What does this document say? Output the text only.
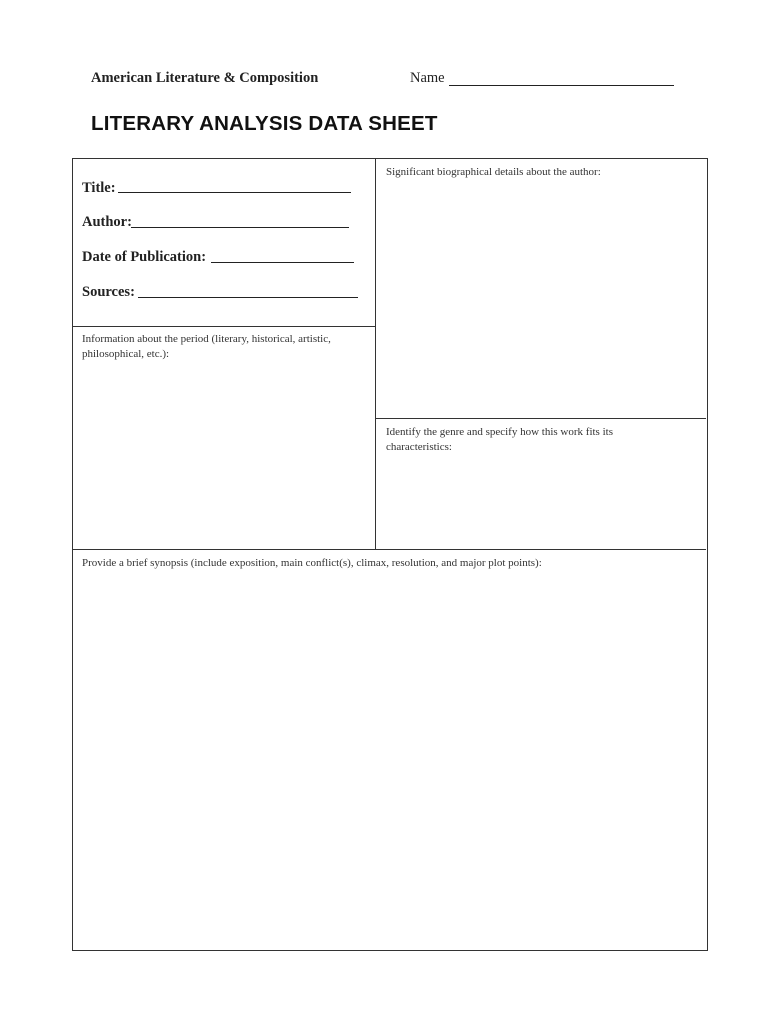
American Literature & Composition	Name
LITERARY ANALYSIS DATA SHEET
Title:
Author:
Date of Publication:
Sources:
Significant biographical details about the author:
Information about the period (literary, historical, artistic, philosophical, etc.):
Identify the genre and specify how this work fits its characteristics:
Provide a brief synopsis (include exposition, main conflict(s), climax, resolution, and major plot points):
